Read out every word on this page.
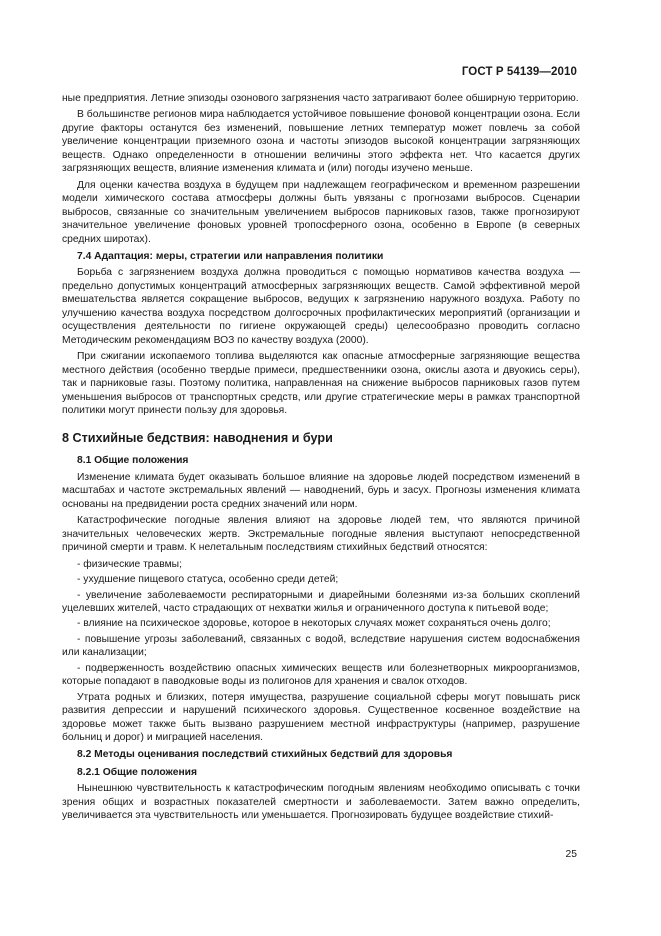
ГОСТ Р 54139—2010
ные предприятия. Летние эпизоды озонового загрязнения часто затрагивают более обширную территорию.
В большинстве регионов мира наблюдается устойчивое повышение фоновой концентрации озона. Если другие факторы останутся без изменений, повышение летних температур может повлечь за собой увеличение концентрации приземного озона и частоты эпизодов высокой концентрации загрязняющих веществ. Однако определенности в отношении величины этого эффекта нет. Что касается других загрязняющих веществ, влияние изменения климата и (или) погоды изучено меньше.
Для оценки качества воздуха в будущем при надлежащем географическом и временном разрешении модели химического состава атмосферы должны быть увязаны с прогнозами выбросов. Сценарии выбросов, связанные со значительным увеличением выбросов парниковых газов, также прогнозируют значительное увеличение фоновых уровней тропосферного озона, особенно в Европе (в северных средних широтах).
7.4 Адаптация: меры, стратегии или направления политики
Борьба с загрязнением воздуха должна проводиться с помощью нормативов качества воздуха — предельно допустимых концентраций атмосферных загрязняющих веществ. Самой эффективной мерой вмешательства является сокращение выбросов, ведущих к загрязнению наружного воздуха. Работу по улучшению качества воздуха посредством долгосрочных профилактических мероприятий (организации и осуществления деятельности по гигиене окружающей среды) целесообразно проводить согласно Методическим рекомендациям ВОЗ по качеству воздуха (2000).
При сжигании ископаемого топлива выделяются как опасные атмосферные загрязняющие вещества местного действия (особенно твердые примеси, предшественники озона, окислы азота и двуокись серы), так и парниковые газы. Поэтому политика, направленная на снижение выбросов парниковых газов путем уменьшения выбросов от транспортных средств, или другие стратегические меры в рамках транспортной политики могут принести пользу для здоровья.
8 Стихийные бедствия: наводнения и бури
8.1 Общие положения
Изменение климата будет оказывать большое влияние на здоровье людей посредством изменений в масштабах и частоте экстремальных явлений — наводнений, бурь и засух. Прогнозы изменения климата основаны на предвидении роста средних значений или норм.
Катастрофические погодные явления влияют на здоровье людей тем, что являются причиной значительных человеческих жертв. Экстремальные погодные явления выступают непосредственной причиной смерти и травм. К нелетальным последствиям стихийных бедствий относятся:
- физические травмы;
- ухудшение пищевого статуса, особенно среди детей;
- увеличение заболеваемости респираторными и диарейными болезнями из-за больших скоплений уцелевших жителей, часто страдающих от нехватки жилья и ограниченного доступа к питьевой воде;
- влияние на психическое здоровье, которое в некоторых случаях может сохраняться очень долго;
- повышение угрозы заболеваний, связанных с водой, вследствие нарушения систем водоснабжения или канализации;
- подверженность воздействию опасных химических веществ или болезнетворных микроорганизмов, которые попадают в паводковые воды из полигонов для хранения и свалок отходов.
Утрата родных и близких, потеря имущества, разрушение социальной сферы могут повышать риск развития депрессии и нарушений психического здоровья. Существенное косвенное воздействие на здоровье может также быть вызвано разрушением местной инфраструктуры (например, разрушение больниц и дорог) и миграцией населения.
8.2 Методы оценивания последствий стихийных бедствий для здоровья
8.2.1 Общие положения
Нынешнюю чувствительность к катастрофическим погодным явлениям необходимо описывать с точки зрения общих и возрастных показателей смертности и заболеваемости. Затем важно определить, увеличивается эта чувствительность или уменьшается. Прогнозировать будущее воздействие стихий-
25
